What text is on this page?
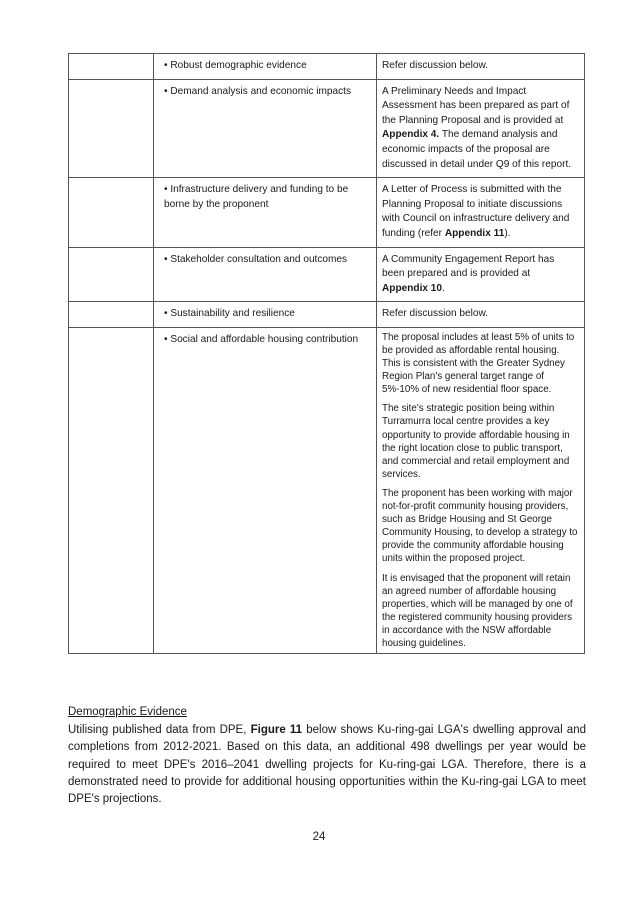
	• Robust demographic evidence	Refer discussion below.

	• Demand analysis and economic impacts	A Preliminary Needs and Impact Assessment has been prepared as part of the Planning Proposal and is provided at Appendix 4. The demand analysis and economic impacts of the proposal are discussed in detail under Q9 of this report.

	• Infrastructure delivery and funding to be borne by the proponent	A Letter of Process is submitted with the Planning Proposal to initiate discussions with Council on infrastructure delivery and funding (refer Appendix 11).

	• Stakeholder consultation and outcomes	A Community Engagement Report has been prepared and is provided at Appendix 10.

	• Sustainability and resilience	Refer discussion below.

	• Social and affordable housing contribution	The proposal includes at least 5% of units to be provided as affordable rental housing. This is consistent with the Greater Sydney Region Plan's general target range of 5%-10% of new residential floor space.
The site's strategic position being within Turramurra local centre provides a key opportunity to provide affordable housing in the right location close to public transport, and commercial and retail employment and services.
The proponent has been working with major not-for-profit community housing providers, such as Bridge Housing and St George Community Housing, to develop a strategy to provide the community affordable housing units within the proposed project.
It is envisaged that the proponent will retain an agreed number of affordable housing properties, which will be managed by one of the registered community housing providers in accordance with the NSW affordable housing guidelines.

Demographic Evidence

Utilising published data from DPE, Figure 11 below shows Ku-ring-gai LGA's dwelling approval and completions from 2012-2021. Based on this data, an additional 498 dwellings per year would be required to meet DPE's 2016–2041 dwelling projects for Ku-ring-gai LGA. Therefore, there is a demonstrated need to provide for additional housing opportunities within the Ku-ring-gai LGA to meet DPE's projections.

24
